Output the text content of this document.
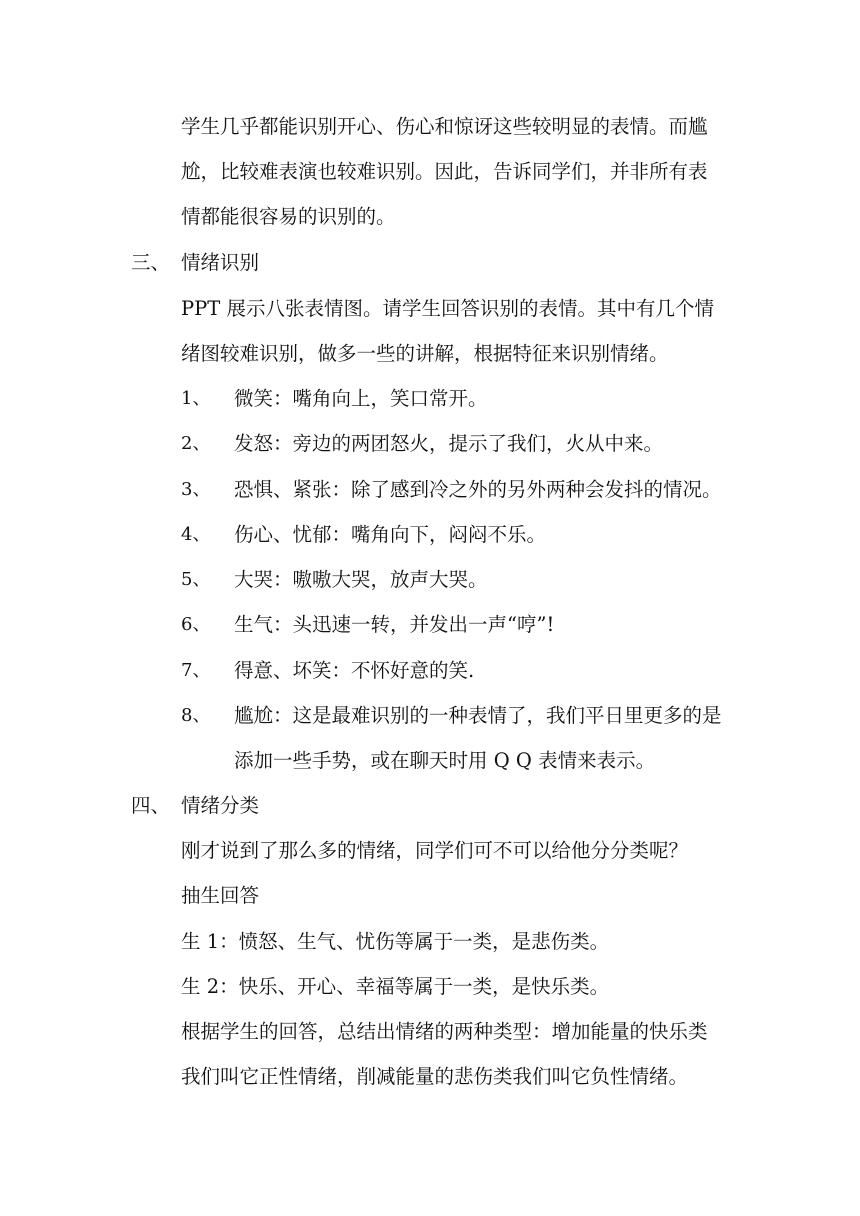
学生几乎都能识别开心、伤心和惊讶这些较明显的表情。而尴
尬，比较难表演也较难识别。因此，告诉同学们，并非所有表
情都能很容易的识别的。
三、 情绪识别
PPT 展示八张表情图。请学生回答识别的表情。其中有几个情
绪图较难识别，做多一些的讲解，根据特征来识别情绪。
1、 微笑：嘴角向上，笑口常开。
2、 发怒：旁边的两团怒火，提示了我们，火从中来。
3、 恐惧、紧张：除了感到冷之外的另外两种会发抖的情况。
4、 伤心、忧郁：嘴角向下，闷闷不乐。
5、 大哭：嗷嗷大哭，放声大哭。
6、 生气：头迅速一转，并发出一声“哼”!
7、 得意、坏笑：不怀好意的笑.
8、 尴尬：这是最难识别的一种表情了，我们平日里更多的是
添加一些手势，或在聊天时用 Q Q 表情来表示。
四、 情绪分类
刚才说到了那么多的情绪，同学们可不可以给他分分类呢？
抽生回答
生 1：愤怒、生气、忧伤等属于一类，是悲伤类。
生 2：快乐、开心、幸福等属于一类，是快乐类。
根据学生的回答，总结出情绪的两种类型：增加能量的快乐类
我们叫它正性情绪，削减能量的悲伤类我们叫它负性情绪。
